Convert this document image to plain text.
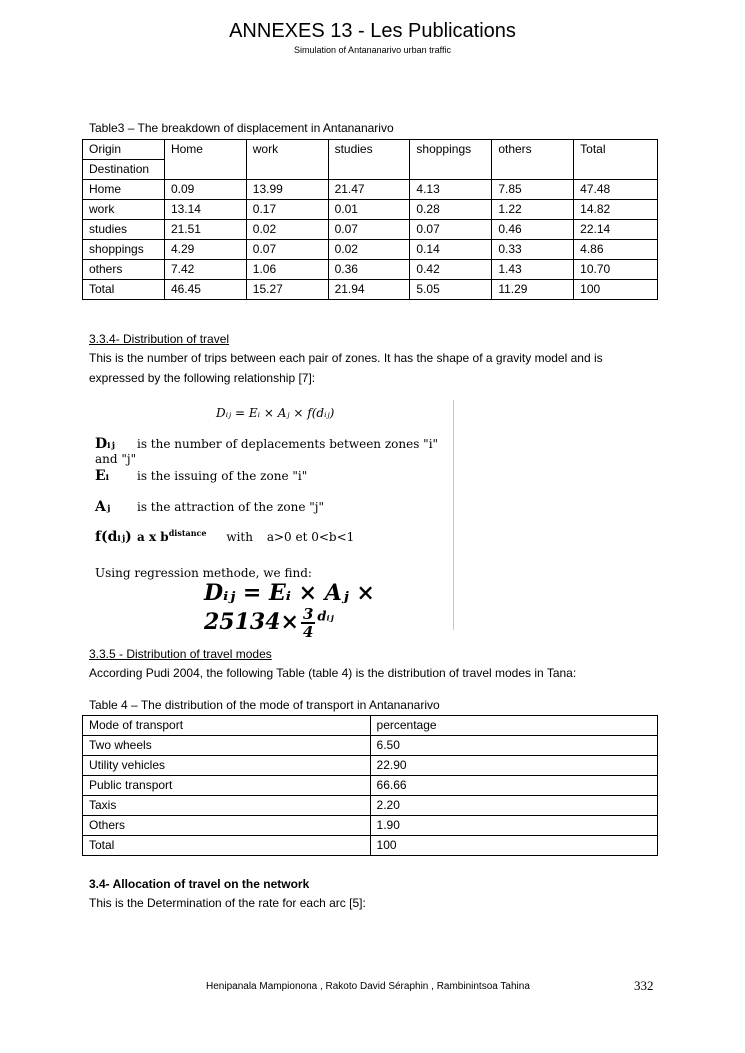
ANNEXES 13 - Les Publications
Simulation of Antananarivo urban traffic
Table3 – The breakdown of displacement in Antananarivo
Origin	Home	work	studies	shoppings	others	Total
Destination						
Home	0.09	13.99	21.47	4.13	7.85	47.48
work	13.14	0.17	0.01	0.28	1.22	14.82
studies	21.51	0.02	0.07	0.07	0.46	22.14
shoppings	4.29	0.07	0.02	0.14	0.33	4.86
others	7.42	1.06	0.36	0.42	1.43	10.70
Total	46.45	15.27	21.94	5.05	11.29	100
3.3.4- Distribution of travel
This is the number of trips between each pair of zones. It has the shape of a gravity model and is
expressed by the following relationship [7]:
Dᵢⱼ = Eᵢ × Aⱼ × f(dᵢⱼ)
Dᵢⱼ is the number of deplacements between zones "i" and "j"
Eᵢ is the issuing of the zone "i"
Aⱼ is the attraction of the zone "j"
f(dᵢⱼ) a x $b^{distance}$ with a>0 et 0<b<1
Using regression methode, we find:
Dᵢⱼ = Eᵢ × Aⱼ × $25134\times \frac{3}{4} ^{dᵢⱼ}$
3.3.5 - Distribution of travel modes
According Pudi 2004, the following Table (table 4) is the distribution of travel modes in Tana:
Table 4 – The distribution of the mode of transport in Antananarivo
Mode of transport	percentage
Two wheels	6.50
Utility vehicles	22.90
Public transport	66.66
Taxis	2.20
Others	1.90
Total	100
3.4- Allocation of travel on the network
This is the Determination of the rate for each arc [5]:
Henipanala Mampionona , Rakoto David Séraphin , Rambinintsoa Tahina	332
